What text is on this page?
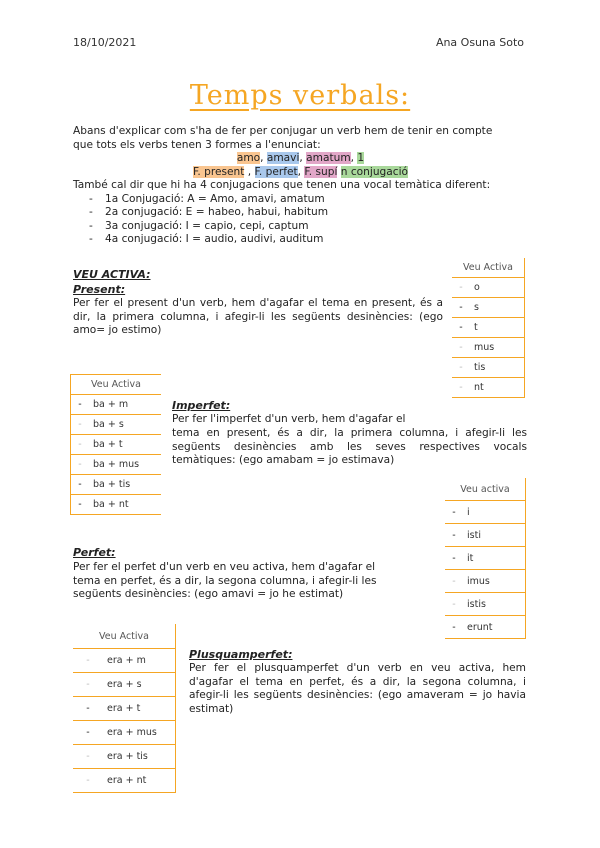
18/10/2021	Ana Osuna Soto
Temps verbals:
Abans d'explicar com s'ha de fer per conjugar un verb hem de tenir en compte
que tots els verbs tenen 3 formes a l'enunciat:
amo, amavi, amatum, 1
F. present , F. perfet, F. supí n conjugació
També cal dir que hi ha 4 conjugacions que tenen una vocal temàtica diferent:
- 1a Conjugació: A = Amo, amavi, amatum
- 2a conjugació: E = habeo, habui, habitum
- 3a conjugació: I = capio, cepi, captum
- 4a conjugació: I = audio, audivi, auditum
VEU ACTIVA:
Present:
Per fer el present d'un verb, hem d'agafar el tema en present, és a dir, la primera columna, i afegir-li les següents desinències: (ego amo= jo estimo)
Veu Activa	
-	o
-	s
-	t
-	mus
-	tis
-	nt
Veu Activa	
-	ba + m
-	ba + s
-	ba + t
-	ba + mus
-	ba + tis
-	ba + nt
Imperfet:
Per fer l'imperfet d'un verb, hem d'agafar el
tema en present, és a dir, la primera columna, i afegir-li les següents desinències amb les seves respectives vocals temàtiques: (ego amabam = jo estimava)
Veu activa	
-	i
-	isti
-	it
-	imus
-	istis
-	erunt
Perfet:
Per fer el perfet d'un verb en veu activa, hem d'agafar el tema en perfet, és a dir, la segona columna, i afegir-li les següents desinències: (ego amavi = jo he estimat)
Veu Activa	
-	era + m
-	era + s
-	era + t
-	era + mus
-	era + tis
-	era + nt
Plusquamperfet:
Per fer el plusquamperfet d'un verb en veu activa, hem d'agafar el tema en perfet, és a dir, la segona columna, i afegir-li les següents desinències: (ego amaveram = jo havia estimat)
